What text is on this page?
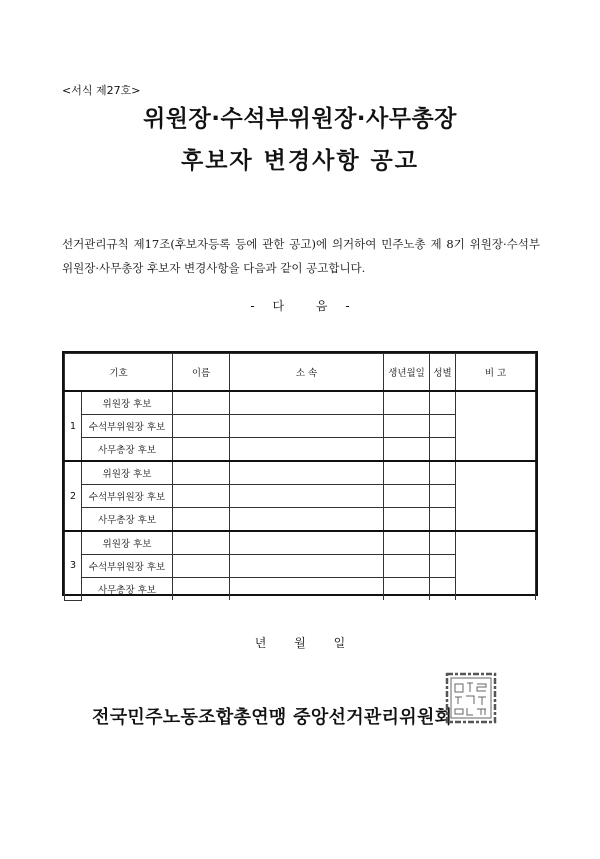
<서식 제27호>
위원장·수석부위원장·사무총장
후보자 변경사항 공고
선거관리규칙 제17조(후보자등록 등에 관한 공고)에 의거하여 민주노총 제 8기 위원장·수석부위원장·사무총장 후보자 변경사항을 다음과 같이 공고합니다.
- 다	음 -
기호		이름	소 속	생년월일	성별	비 고
1	위원장 후보					
	수석부위원장 후보					
	사무총장 후보					
2	위원장 후보					
	수석부위원장 후보					
	사무총장 후보					
3	위원장 후보					
	수석부위원장 후보					
	사무총장 후보					
년 월 일
전국민주노동조합총연맹 중앙선거관리위원회
